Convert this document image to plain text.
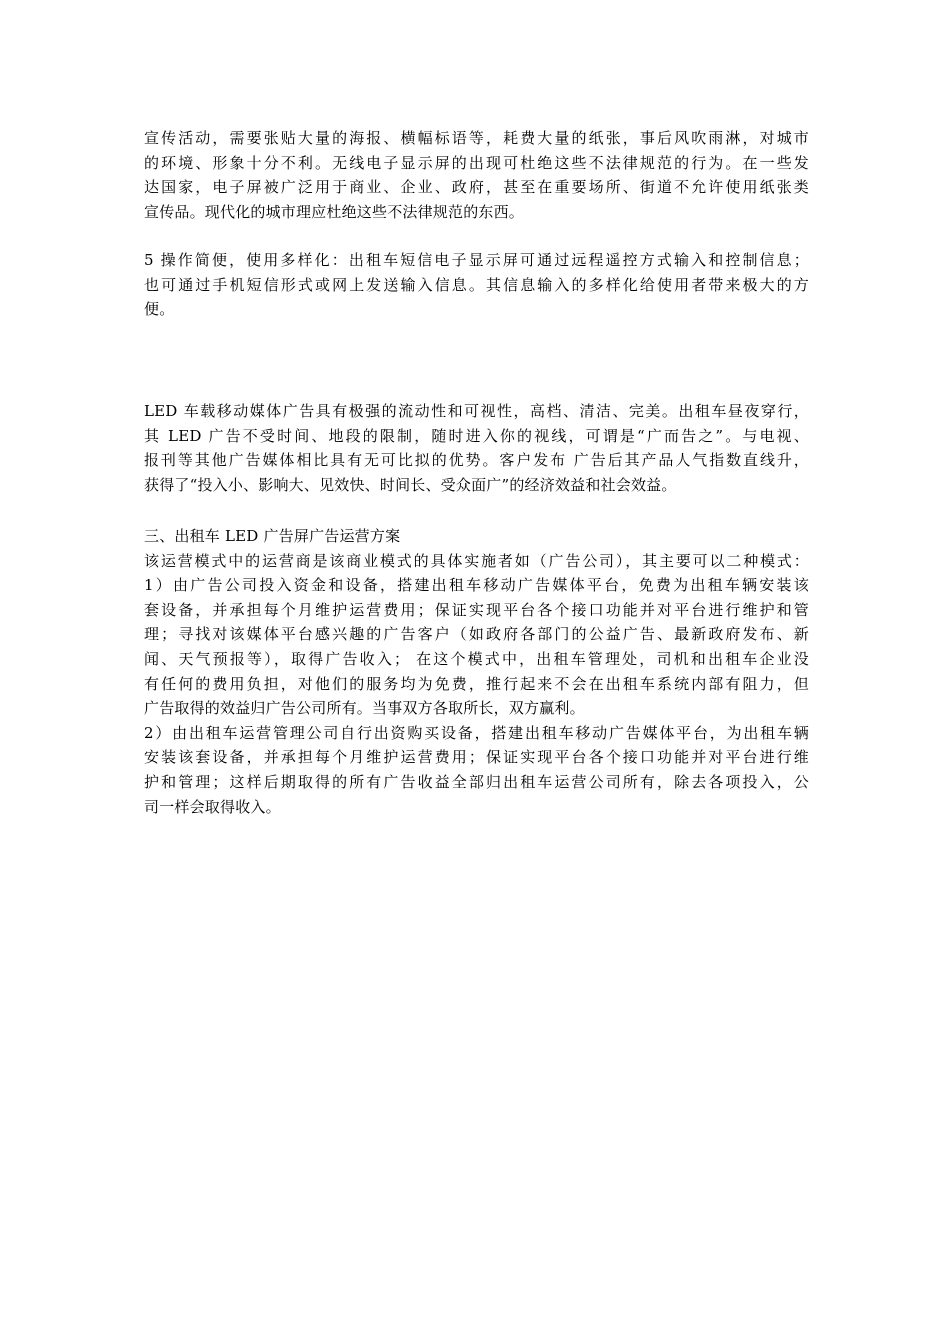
宣传活动，需要张贴大量的海报、横幅标语等，耗费大量的纸张，事后风吹雨淋，对城市
的环境、形象十分不利。无线电子显示屏的出现可杜绝这些不法律规范的行为。在一些发
达国家，电子屏被广泛用于商业、企业、政府，甚至在重要场所、街道不允许使用纸张类
宣传品。现代化的城市理应杜绝这些不法律规范的东西。
5 操作简便，使用多样化：出租车短信电子显示屏可通过远程遥控方式输入和控制信息；
也可通过手机短信形式或网上发送输入信息。其信息输入的多样化给使用者带来极大的方
便。
LED 车载移动媒体广告具有极强的流动性和可视性，高档、清洁、完美。出租车昼夜穿行，
其 LED 广告不受时间、地段的限制，随时进入你的视线，可谓是“广而告之”。与电视、
报刊等其他广告媒体相比具有无可比拟的优势。客户发布 广告后其产品人气指数直线升，
获得了“投入小、影响大、见效快、时间长、受众面广”的经济效益和社会效益。
三、出租车 LED 广告屏广告运营方案
该运营模式中的运营商是该商业模式的具体实施者如（广告公司），其主要可以二种模式：
1）由广告公司投入资金和设备，搭建出租车移动广告媒体平台，免费为出租车辆安装该
套设备，并承担每个月维护运营费用；保证实现平台各个接口功能并对平台进行维护和管
理；寻找对该媒体平台感兴趣的广告客户（如政府各部门的公益广告、最新政府发布、新
闻、天气预报等），取得广告收入； 在这个模式中，出租车管理处，司机和出租车企业没
有任何的费用负担，对他们的服务均为免费，推行起来不会在出租车系统内部有阻力，但
广告取得的效益归广告公司所有。当事双方各取所长，双方赢利。
2）由出租车运营管理公司自行出资购买设备，搭建出租车移动广告媒体平台，为出租车辆
安装该套设备，并承担每个月维护运营费用；保证实现平台各个接口功能并对平台进行维
护和管理；这样后期取得的所有广告收益全部归出租车运营公司所有，除去各项投入，公
司一样会取得收入。
